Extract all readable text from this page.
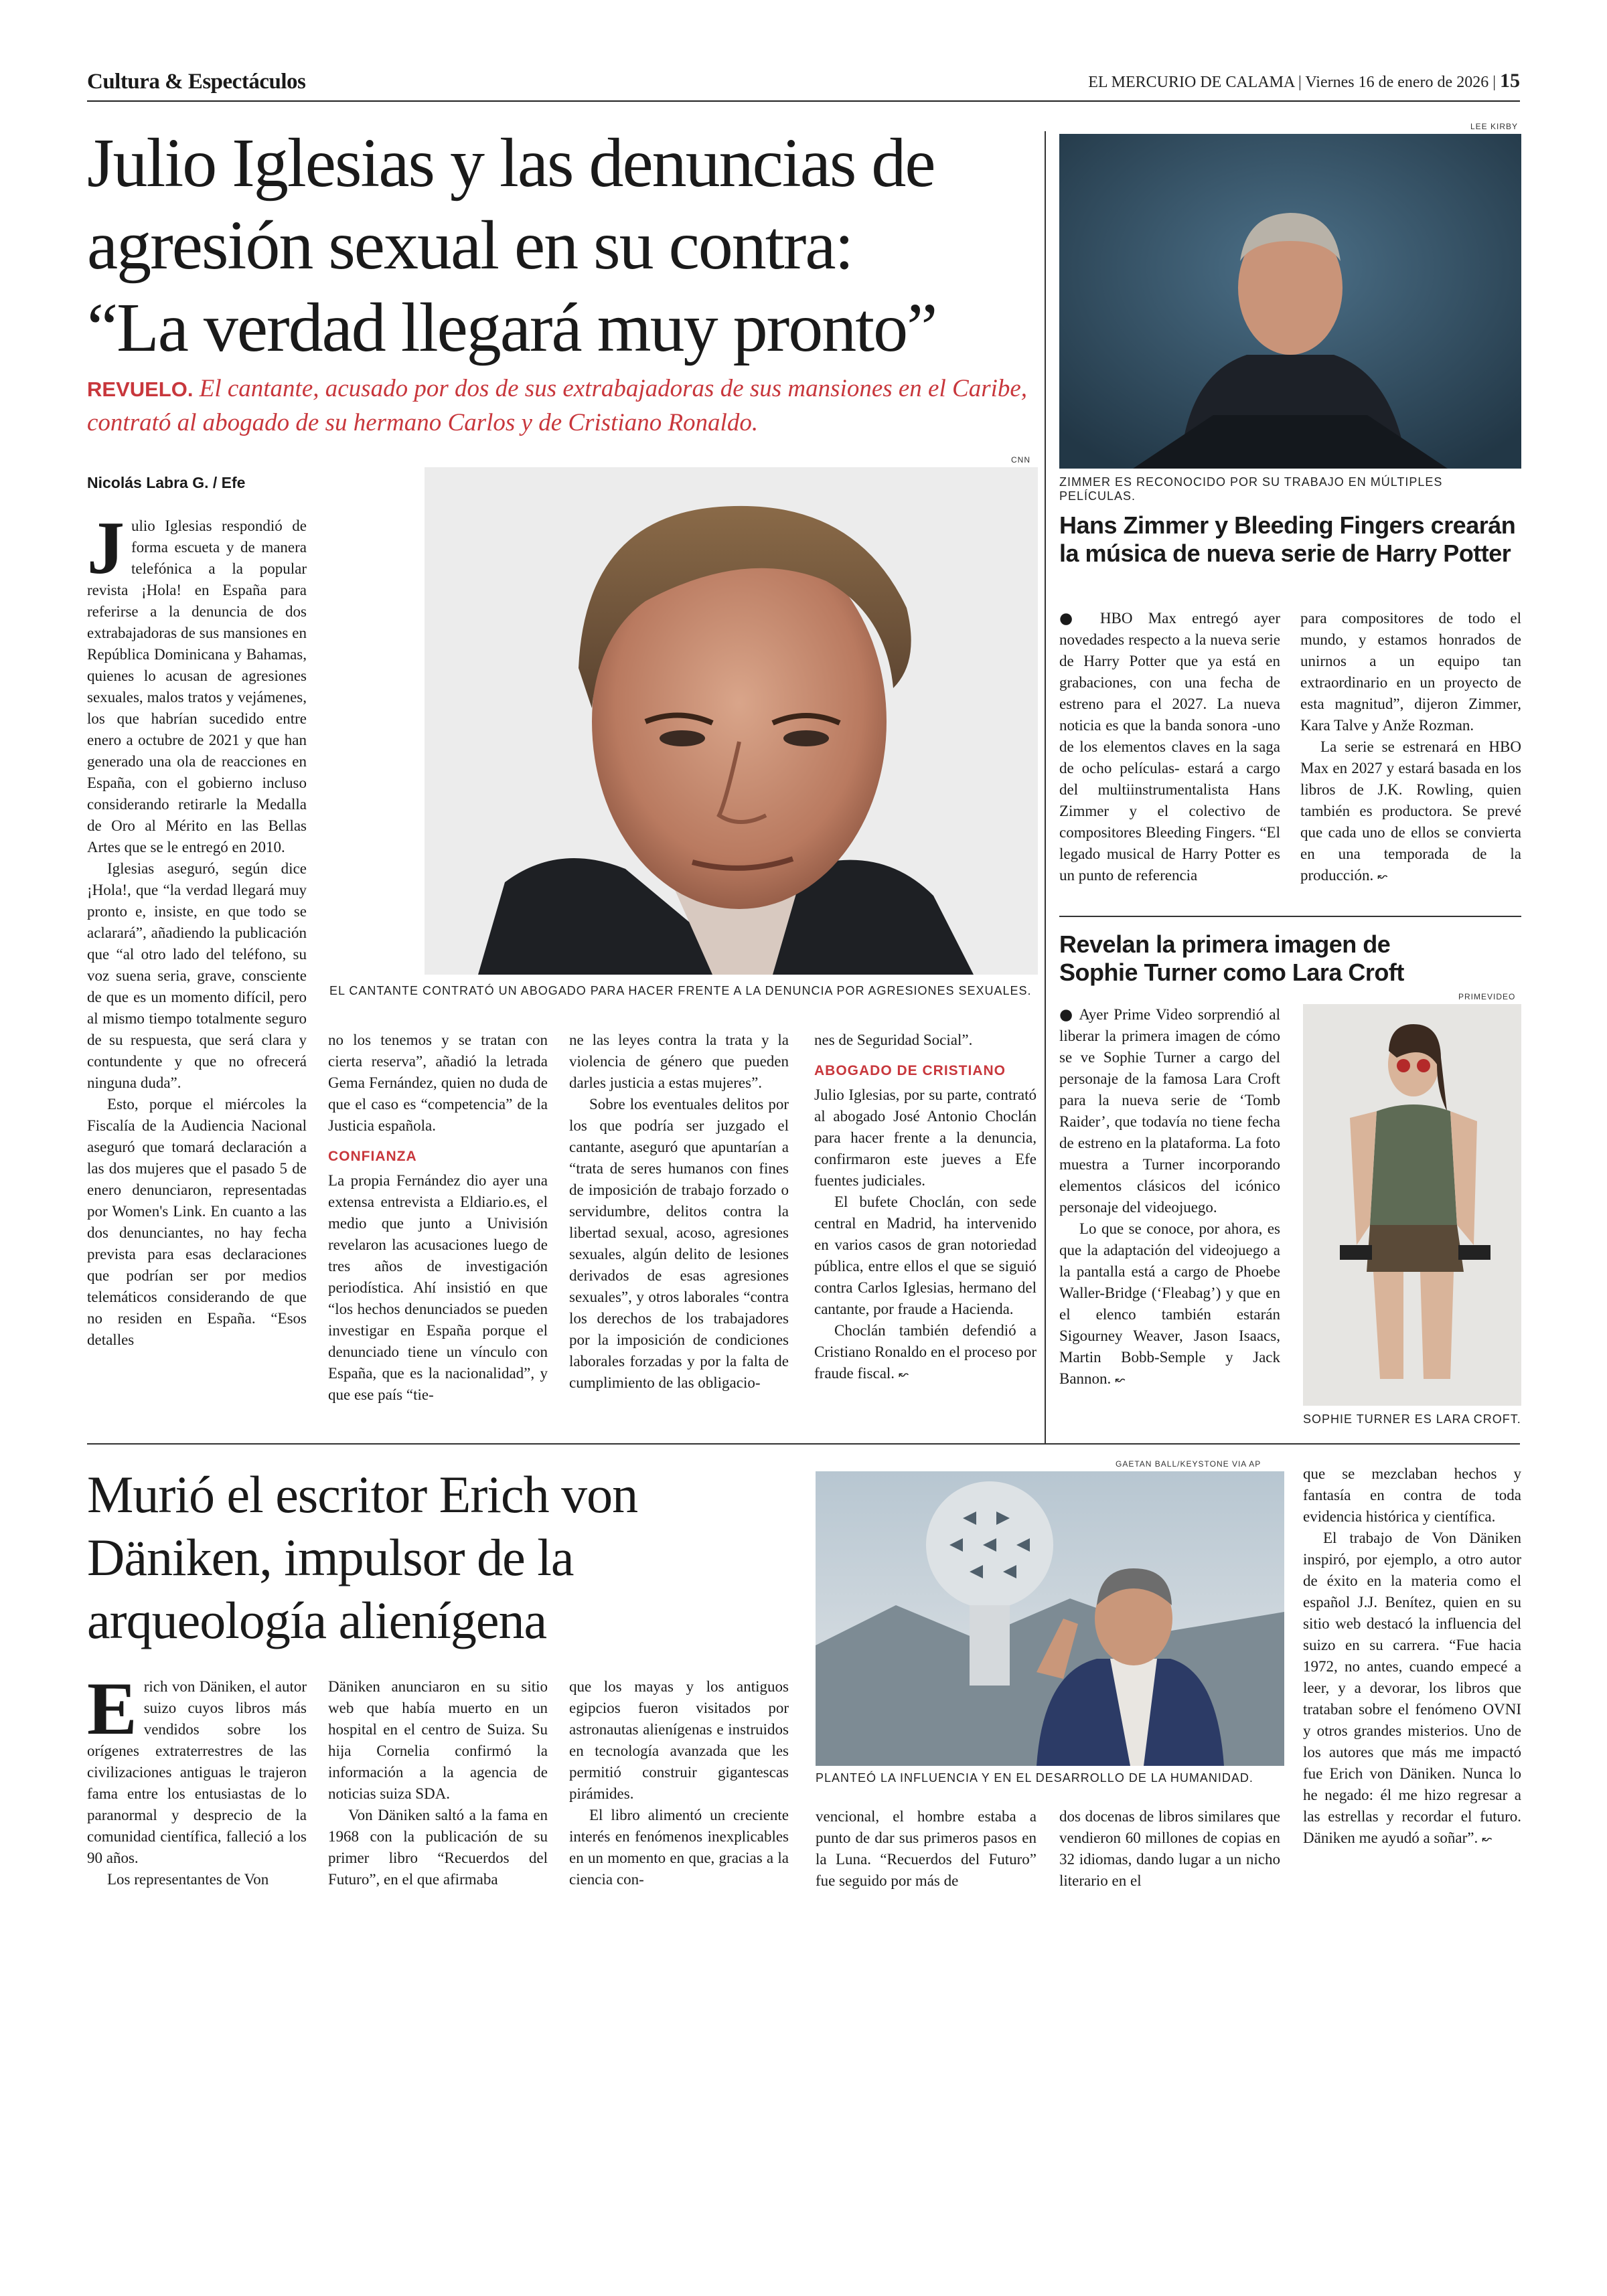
Cultura & Espectáculos	EL MERCURIO DE CALAMA | Viernes 16 de enero de 2026 | 15
Julio Iglesias y las denuncias de
agresión sexual en su contra:
“La verdad llegará muy pronto”
REVUELO. El cantante, acusado por dos de sus extrabajadoras de sus mansiones en el Caribe, contrató al abogado de su hermano Carlos y de Cristiano Ronaldo.
Nicolás Labra G. / Efe
CNN
EL CANTANTE CONTRATÓ UN ABOGADO PARA HACER FRENTE A LA DENUNCIA POR AGRESIONES SEXUALES.

Julio Iglesias respondió de forma escueta y de manera telefónica a la popular revista ¡Hola! en España para referirse a la denuncia de dos extrabajadoras de sus mansiones en República Dominicana y Bahamas, quienes lo acusan de agresiones sexuales, malos tratos y vejámenes, los que habrían sucedido entre enero a octubre de 2021 y que han generado una ola de reacciones en España, con el gobierno incluso considerando retirarle la Medalla de Oro al Mérito en las Bellas Artes que se le entregó en 2010.

Iglesias aseguró, según dice ¡Hola!, que “la verdad llegará muy pronto e, insiste, en que todo se aclarará”, añadiendo la publicación que “al otro lado del teléfono, su voz suena seria, grave, consciente de que es un momento difícil, pero al mismo tiempo totalmente seguro de su respuesta, que será clara y contundente y que no ofrecerá ninguna duda”.

Esto, porque el miércoles la Fiscalía de la Audiencia Nacional aseguró que tomará declaración a las dos mujeres que el pasado 5 de enero denunciaron, representadas por Women's Link. En cuanto a las dos denunciantes, no hay fecha prevista para esas declaraciones que podrían ser por medios telemáticos considerando de que no residen en España. “Esos detalles

no los tenemos y se tratan con cierta reserva”, añadió la letrada Gema Fernández, quien no duda de que el caso es “competencia” de la Justicia española.

CONFIANZA

La propia Fernández dio ayer una extensa entrevista a Eldiario.es, el medio que junto a Univisión revelaron las acusaciones luego de tres años de investigación periodística. Ahí insistió en que “los hechos denunciados se pueden investigar en España porque el denunciado tiene un vínculo con España, que es la nacionalidad”, y que ese país “tie-

ne las leyes contra la trata y la violencia de género que pueden darles justicia a estas mujeres”.

Sobre los eventuales delitos por los que podría ser juzgado el cantante, aseguró que apuntarían a “trata de seres humanos con fines de imposición de trabajo forzado o servidumbre, delitos contra la libertad sexual, acoso, agresiones sexuales, algún delito de lesiones derivados de esas agresiones sexuales”, y otros laborales “contra los derechos de los trabajadores por la imposición de condiciones laborales forzadas y por la falta de cumplimiento de las obligacio-

nes de Seguridad Social”.

ABOGADO DE CRISTIANO

Julio Iglesias, por su parte, contrató al abogado José Antonio Choclán para hacer frente a la denuncia, confirmaron este jueves a Efe fuentes judiciales.

El bufete Choclán, con sede central en Madrid, ha intervenido en varios casos de gran notoriedad pública, entre ellos el que se siguió contra Carlos Iglesias, hermano del cantante, por fraude a Hacienda.

Choclán también defendió a Cristiano Ronaldo en el proceso por fraude fiscal. ↜

LEE KIRBY
ZIMMER ES RECONOCIDO POR SU TRABAJO EN MÚLTIPLES PELÍCULAS.
Hans Zimmer y Bleeding Fingers crearán
la música de nueva serie de Harry Potter

● HBO Max entregó ayer novedades respecto a la nueva serie de Harry Potter que ya está en grabaciones, con una fecha de estreno para el 2027. La nueva noticia es que la banda sonora -uno de los elementos claves en la saga de ocho películas- estará a cargo del multiinstrumentalista Hans Zimmer y el colectivo de compositores Bleeding Fingers. “El legado musical de Harry Potter es un punto de referencia

para compositores de todo el mundo, y estamos honrados de unirnos a un equipo tan extraordinario en un proyecto de esta magnitud”, dijeron Zimmer, Kara Talve y Anže Rozman.

La serie se estrenará en HBO Max en 2027 y estará basada en los libros de J.K. Rowling, quien también es productora. Se prevé que cada uno de ellos se convierta en una temporada de la producción. ↜

Revelan la primera imagen de
Sophie Turner como Lara Croft

● Ayer Prime Video sorprendió al liberar la primera imagen de cómo se ve Sophie Turner a cargo del personaje de la famosa Lara Croft para la nueva serie de ‘Tomb Raider’, que todavía no tiene fecha de estreno en la plataforma. La foto muestra a Turner incorporando elementos clásicos del icónico personaje del videojuego.

Lo que se conoce, por ahora, es que la adaptación del videojuego a la pantalla está a cargo de Phoebe Waller-Bridge (‘Fleabag’) y que en el elenco también estarán Sigourney Weaver, Jason Isaacs, Martin Bobb-Semple y Jack Bannon. ↜

PRIMEVIDEO
SOPHIE TURNER ES LARA CROFT.
Murió el escritor Erich von
Däniken, impulsor de la
arqueología alienígena
GAETAN BALL/KEYSTONE VIA AP
PLANTEÓ LA INFLUENCIA Y EN EL DESARROLLO DE LA HUMANIDAD.

Erich von Däniken, el autor suizo cuyos libros más vendidos sobre los orígenes extraterrestres de las civilizaciones antiguas le trajeron fama entre los entusiastas de lo paranormal y desprecio de la comunidad científica, falleció a los 90 años.

Los representantes de Von

Däniken anunciaron en su sitio web que había muerto en un hospital en el centro de Suiza. Su hija Cornelia confirmó la información a la agencia de noticias suiza SDA.

Von Däniken saltó a la fama en 1968 con la publicación de su primer libro “Recuerdos del Futuro”, en el que afirmaba

que los mayas y los antiguos egipcios fueron visitados por astronautas alienígenas e instruidos en tecnología avanzada que les permitió construir gigantescas pirámides.

El libro alimentó un creciente interés en fenómenos inexplicables en un momento en que, gracias a la ciencia con-

vencional, el hombre estaba a punto de dar sus primeros pasos en la Luna. “Recuerdos del Futuro” fue seguido por más de

dos docenas de libros similares que vendieron 60 millones de copias en 32 idiomas, dando lugar a un nicho literario en el

que se mezclaban hechos y fantasía en contra de toda evidencia histórica y científica.

El trabajo de Von Däniken inspiró, por ejemplo, a otro autor de éxito en la materia como el español J.J. Benítez, quien en su sitio web destacó la influencia del suizo en su carrera. “Fue hacia 1972, no antes, cuando empecé a leer, y a devorar, los libros que trataban sobre el fenómeno OVNI y otros grandes misterios. Uno de los autores que más me impactó fue Erich von Däniken. Nunca lo he negado: él me hizo regresar a las estrellas y recordar el futuro. Däniken me ayudó a soñar”. ↜
